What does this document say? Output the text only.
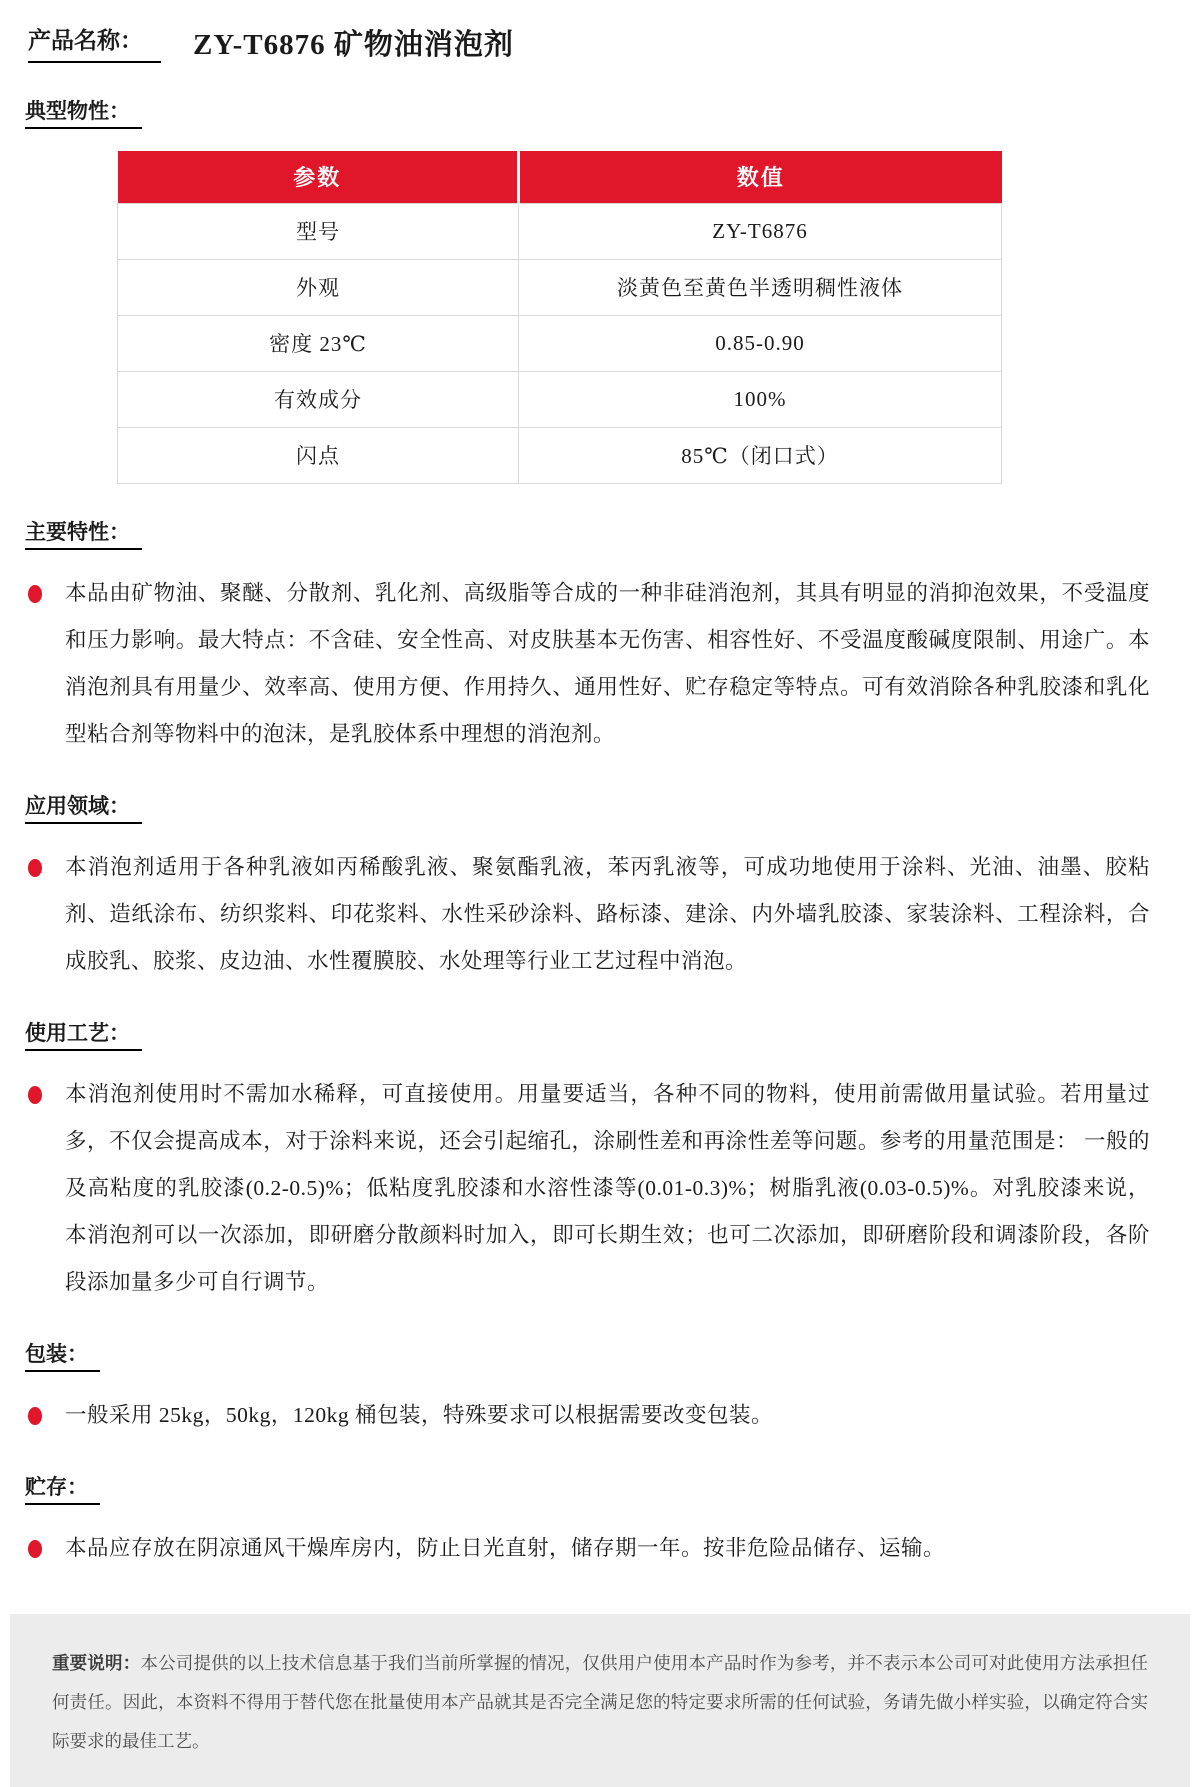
产品名称： ZY-T6876 矿物油消泡剂
典型物性：
参数	数值
型号	ZY-T6876
外观	淡黄色至黄色半透明稠性液体
密度 23℃	0.85-0.90
有效成分	100%
闪点	85℃（闭口式）
主要特性：
本品由矿物油、聚醚、分散剂、乳化剂、高级脂等合成的一种非硅消泡剂，其具有明显的消抑泡效果，不受温度和压力影响。最大特点：不含硅、安全性高、对皮肤基本无伤害、相容性好、不受温度酸碱度限制、用途广。本消泡剂具有用量少、效率高、使用方便、作用持久、通用性好、贮存稳定等特点。可有效消除各种乳胶漆和乳化型粘合剂等物料中的泡沫，是乳胶体系中理想的消泡剂。
应用领域：
本消泡剂适用于各种乳液如丙稀酸乳液、聚氨酯乳液，苯丙乳液等，可成功地使用于涂料、光油、油墨、胶粘剂、造纸涂布、纺织浆料、印花浆料、水性采砂涂料、路标漆、建涂、内外墙乳胶漆、家装涂料、工程涂料，合成胶乳、胶浆、皮边油、水性覆膜胶、水处理等行业工艺过程中消泡。
使用工艺：
本消泡剂使用时不需加水稀释，可直接使用。用量要适当，各种不同的物料，使用前需做用量试验。若用量过多，不仅会提高成本，对于涂料来说，还会引起缩孔，涂刷性差和再涂性差等问题。参考的用量范围是： 一般的及高粘度的乳胶漆(0.2-0.5)%；低粘度乳胶漆和水溶性漆等(0.01-0.3)%；树脂乳液(0.03-0.5)%。对乳胶漆来说，本消泡剂可以一次添加，即研磨分散颜料时加入，即可长期生效；也可二次添加，即研磨阶段和调漆阶段，各阶段添加量多少可自行调节。
包装：
一般采用 25kg，50kg，120kg 桶包装，特殊要求可以根据需要改变包装。
贮存：
本品应存放在阴凉通风干燥库房内，防止日光直射，储存期一年。按非危险品储存、运输。
重要说明：本公司提供的以上技术信息基于我们当前所掌握的情况，仅供用户使用本产品时作为参考，并不表示本公司可对此使用方法承担任何责任。因此，本资料不得用于替代您在批量使用本产品就其是否完全满足您的特定要求所需的任何试验，务请先做小样实验，以确定符合实际要求的最佳工艺。
